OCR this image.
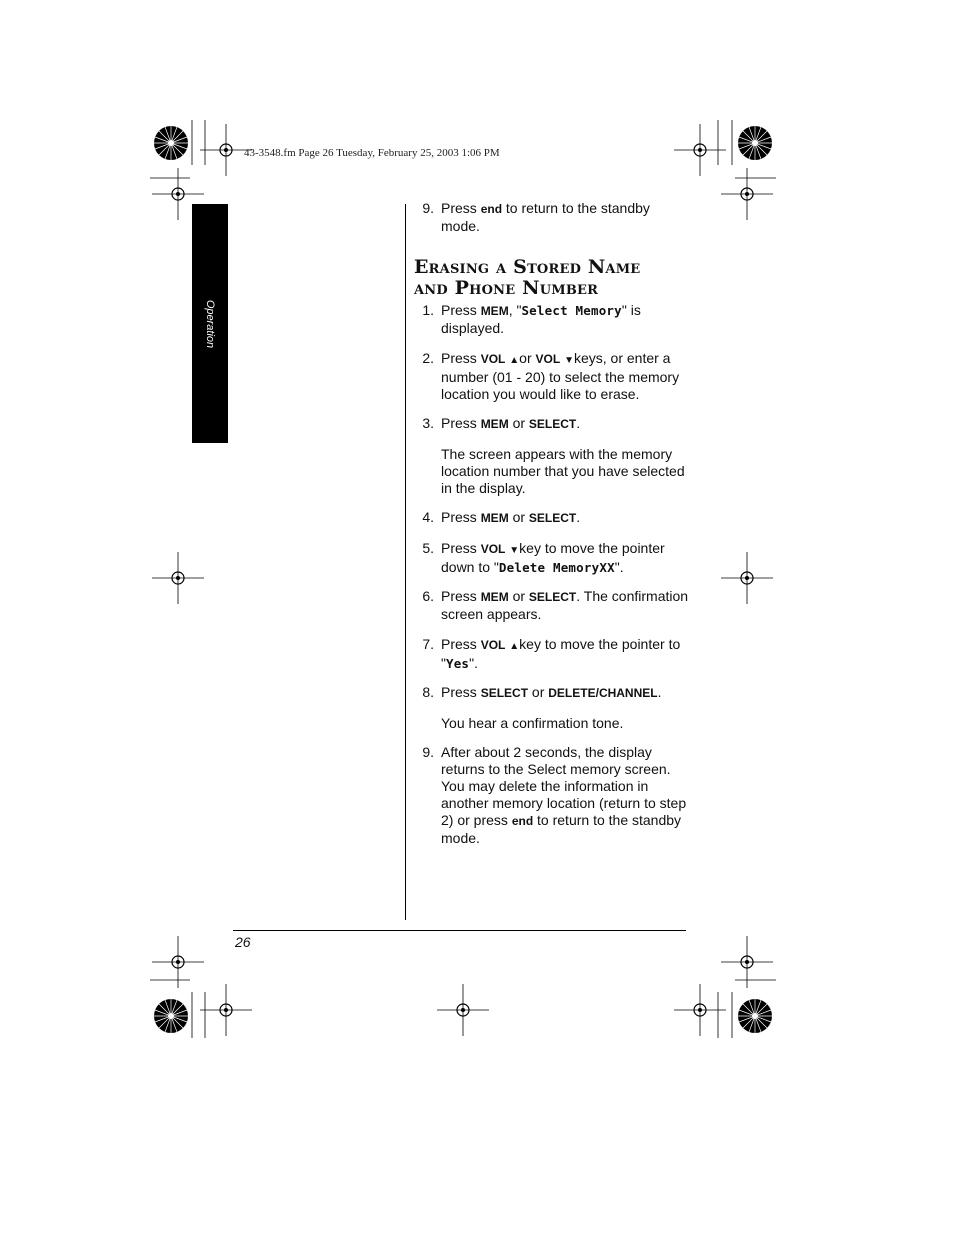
43-3548.fm Page 26 Tuesday, February 25, 2003 1:06 PM
Operation

9. Press end to return to the standby mode.

Erasing a Stored Name

and Phone Number

1. Press MEM, "Select Memory" is displayed.

2. Press VOL ▲or VOL ▼keys, or enter a number (01 - 20) to select the memory location you would like to erase.

3. Press MEM or SELECT.

The screen appears with the memory location number that you have selected in the display.

4. Press MEM or SELECT.

5. Press VOL ▼key to move the pointer down to "Delete MemoryXX".

6. Press MEM or SELECT. The confirmation screen appears.

7. Press VOL ▲key to move the pointer to "Yes".

8. Press SELECT or DELETE/CHANNEL.

You hear a confirmation tone.

9. After about 2 seconds, the display returns to the Select memory screen. You may delete the information in another memory location (return to step 2) or press end to return to the standby mode.

26
